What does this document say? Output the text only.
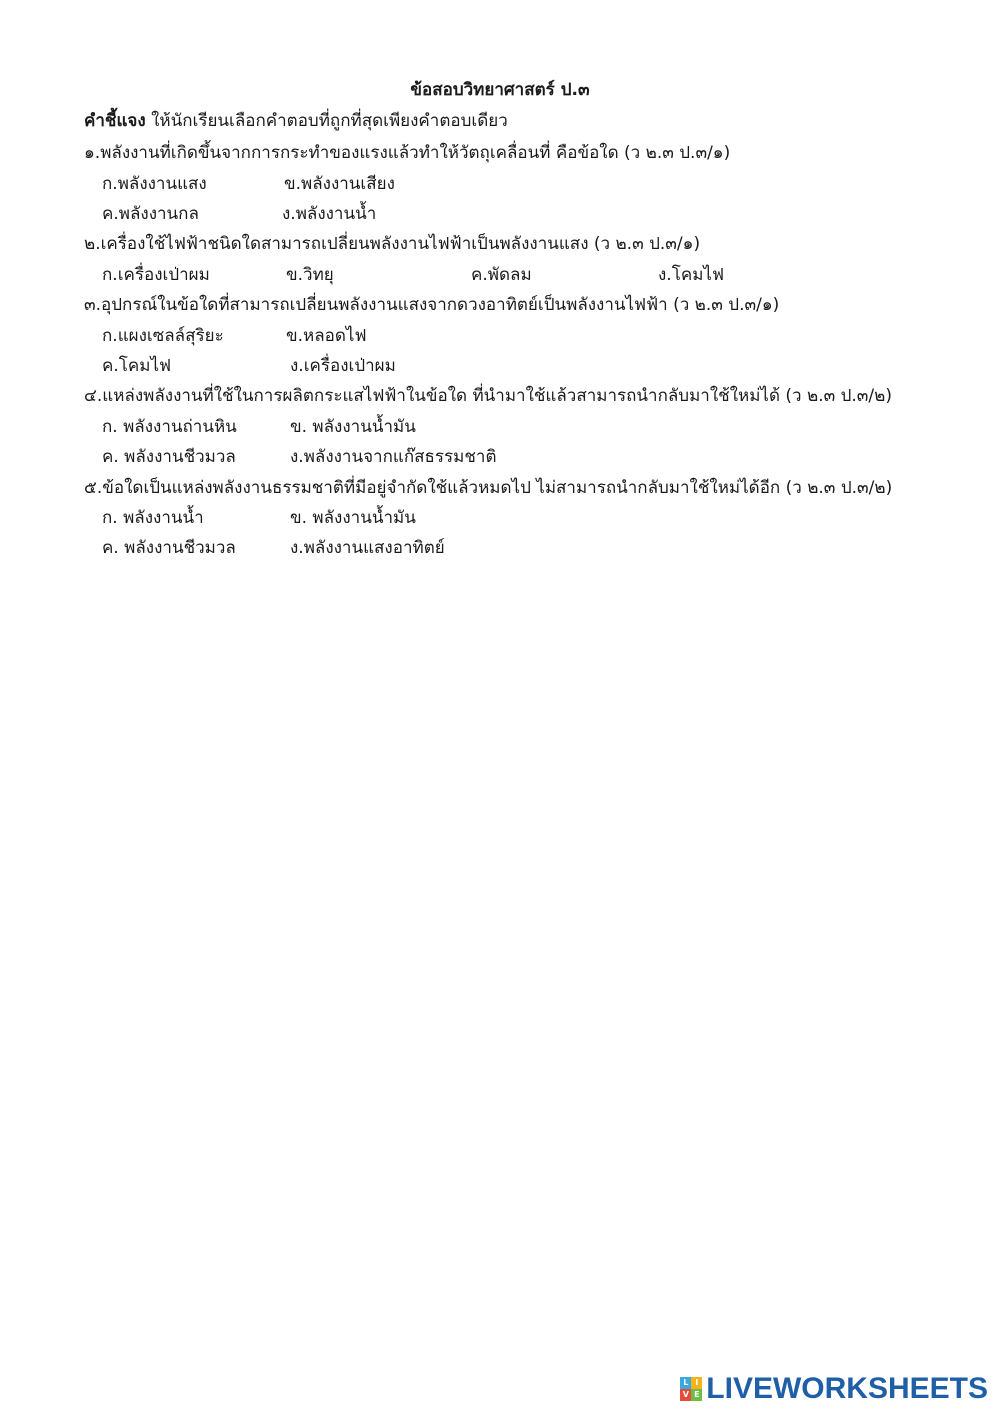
ข้อสอบวิทยาศาสตร์ ป.๓
คำชี้แจง ให้นักเรียนเลือกคำตอบที่ถูกที่สุดเพียงคำตอบเดียว
๑.พลังงานที่เกิดขึ้นจากการกระทำของแรงแล้วทำให้วัตถุเคลื่อนที่ คือข้อใด (ว ๒.๓ ป.๓/๑)
ก.พลังงานแสง	ข.พลังงานเสียง
ค.พลังงานกล	ง.พลังงานน้ำ
๒.เครื่องใช้ไฟฟ้าชนิดใดสามารถเปลี่ยนพลังงานไฟฟ้าเป็นพลังงานแสง (ว ๒.๓ ป.๓/๑)
ก.เครื่องเป่าผม	ข.วิทยุ	ค.พัดลม	ง.โคมไฟ
๓.อุปกรณ์ในข้อใดที่สามารถเปลี่ยนพลังงานแสงจากดวงอาทิตย์เป็นพลังงานไฟฟ้า (ว ๒.๓ ป.๓/๑)
ก.แผงเซลล์สุริยะ	ข.หลอดไฟ
ค.โคมไฟ	ง.เครื่องเป่าผม
๔.แหล่งพลังงานที่ใช้ในการผลิตกระแสไฟฟ้าในข้อใด ที่นำมาใช้แล้วสามารถนำกลับมาใช้ใหม่ได้ (ว ๒.๓ ป.๓/๒)
ก. พลังงานถ่านหิน	ข. พลังงานน้ำมัน
ค. พลังงานชีวมวล	ง.พลังงานจากแก๊สธรรมชาติ
๕.ข้อใดเป็นแหล่งพลังงานธรรมชาติที่มีอยู่จำกัดใช้แล้วหมดไป ไม่สามารถนำกลับมาใช้ใหม่ได้อีก (ว ๒.๓ ป.๓/๒)
ก. พลังงานน้ำ	ข. พลังงานน้ำมัน
ค. พลังงานชีวมวล	ง.พลังงานแสงอาทิตย์
L I
V E LIVEWORKSHEETS
